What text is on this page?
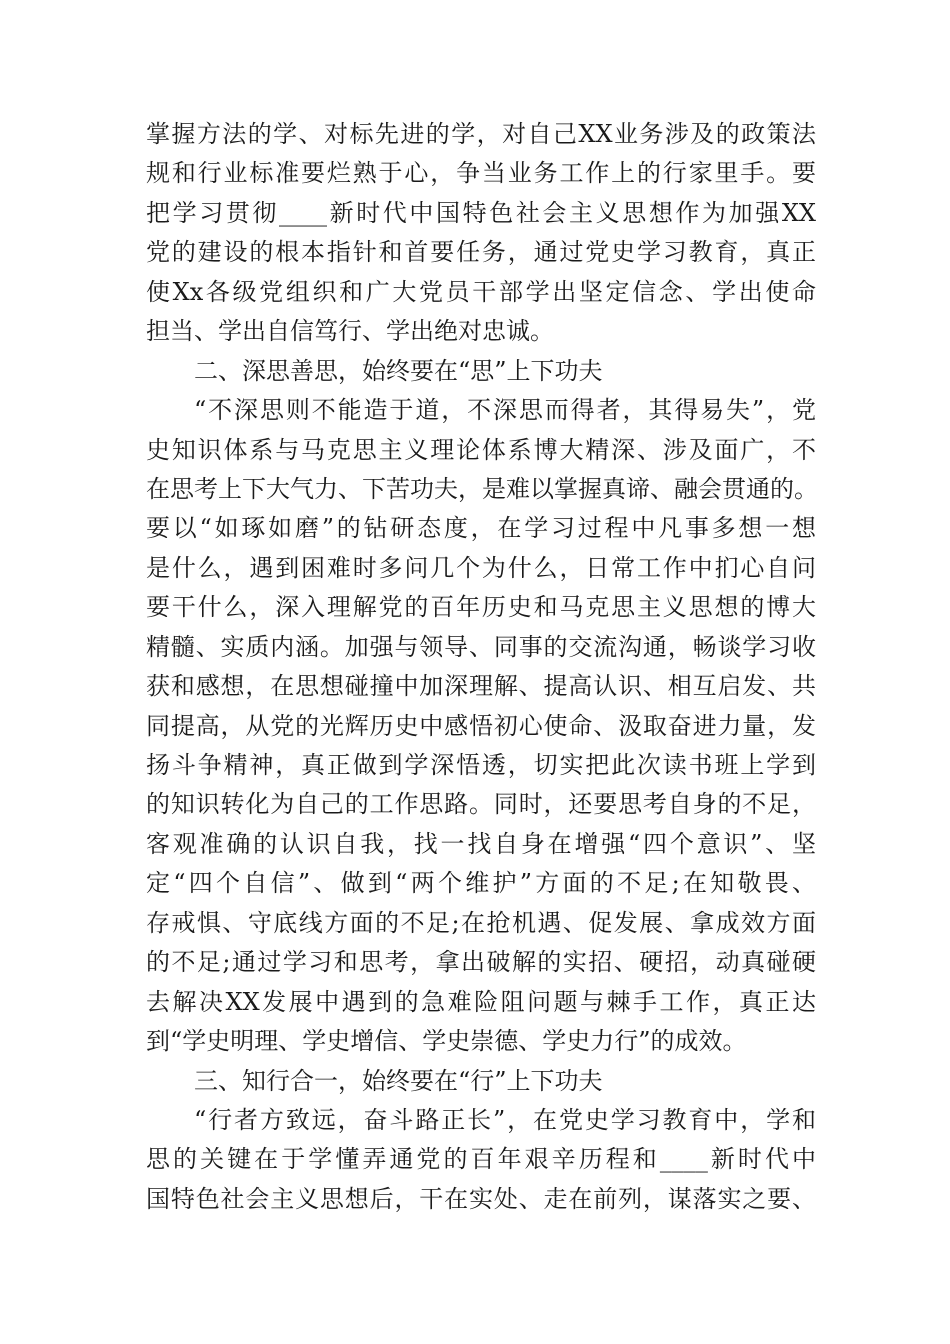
掌握方法的学、对标先进的学，对自己XX业务涉及的政策法
规和行业标准要烂熟于心，争当业务工作上的行家里手。要
把学习贯彻____新时代中国特色社会主义思想作为加强XX
党的建设的根本指针和首要任务，通过党史学习教育，真正
使Xx各级党组织和广大党员干部学出坚定信念、学出使命
担当、学出自信笃行、学出绝对忠诚。
二、深思善思，始终要在“思”上下功夫
“不深思则不能造于道，不深思而得者，其得易失”，党
史知识体系与马克思主义理论体系博大精深、涉及面广，不
在思考上下大气力、下苦功夫，是难以掌握真谛、融会贯通的。
要以“如琢如磨”的钻研态度，在学习过程中凡事多想一想
是什么，遇到困难时多问几个为什么，日常工作中扪心自问
要干什么，深入理解党的百年历史和马克思主义思想的博大
精髓、实质内涵。加强与领导、同事的交流沟通，畅谈学习收
获和感想，在思想碰撞中加深理解、提高认识、相互启发、共
同提高，从党的光辉历史中感悟初心使命、汲取奋进力量，发
扬斗争精神，真正做到学深悟透，切实把此次读书班上学到
的知识转化为自己的工作思路。同时，还要思考自身的不足，
客观准确的认识自我，找一找自身在增强“四个意识”、坚
定“四个自信”、做到“两个维护”方面的不足;在知敬畏、
存戒惧、守底线方面的不足;在抢机遇、促发展、拿成效方面
的不足;通过学习和思考，拿出破解的实招、硬招，动真碰硬
去解决XX发展中遇到的急难险阻问题与棘手工作，真正达
到“学史明理、学史增信、学史崇德、学史力行”的成效。
三、知行合一，始终要在“行”上下功夫
“行者方致远，奋斗路正长”，在党史学习教育中，学和
思的关键在于学懂弄通党的百年艰辛历程和____新时代中
国特色社会主义思想后，干在实处、走在前列，谋落实之要、
